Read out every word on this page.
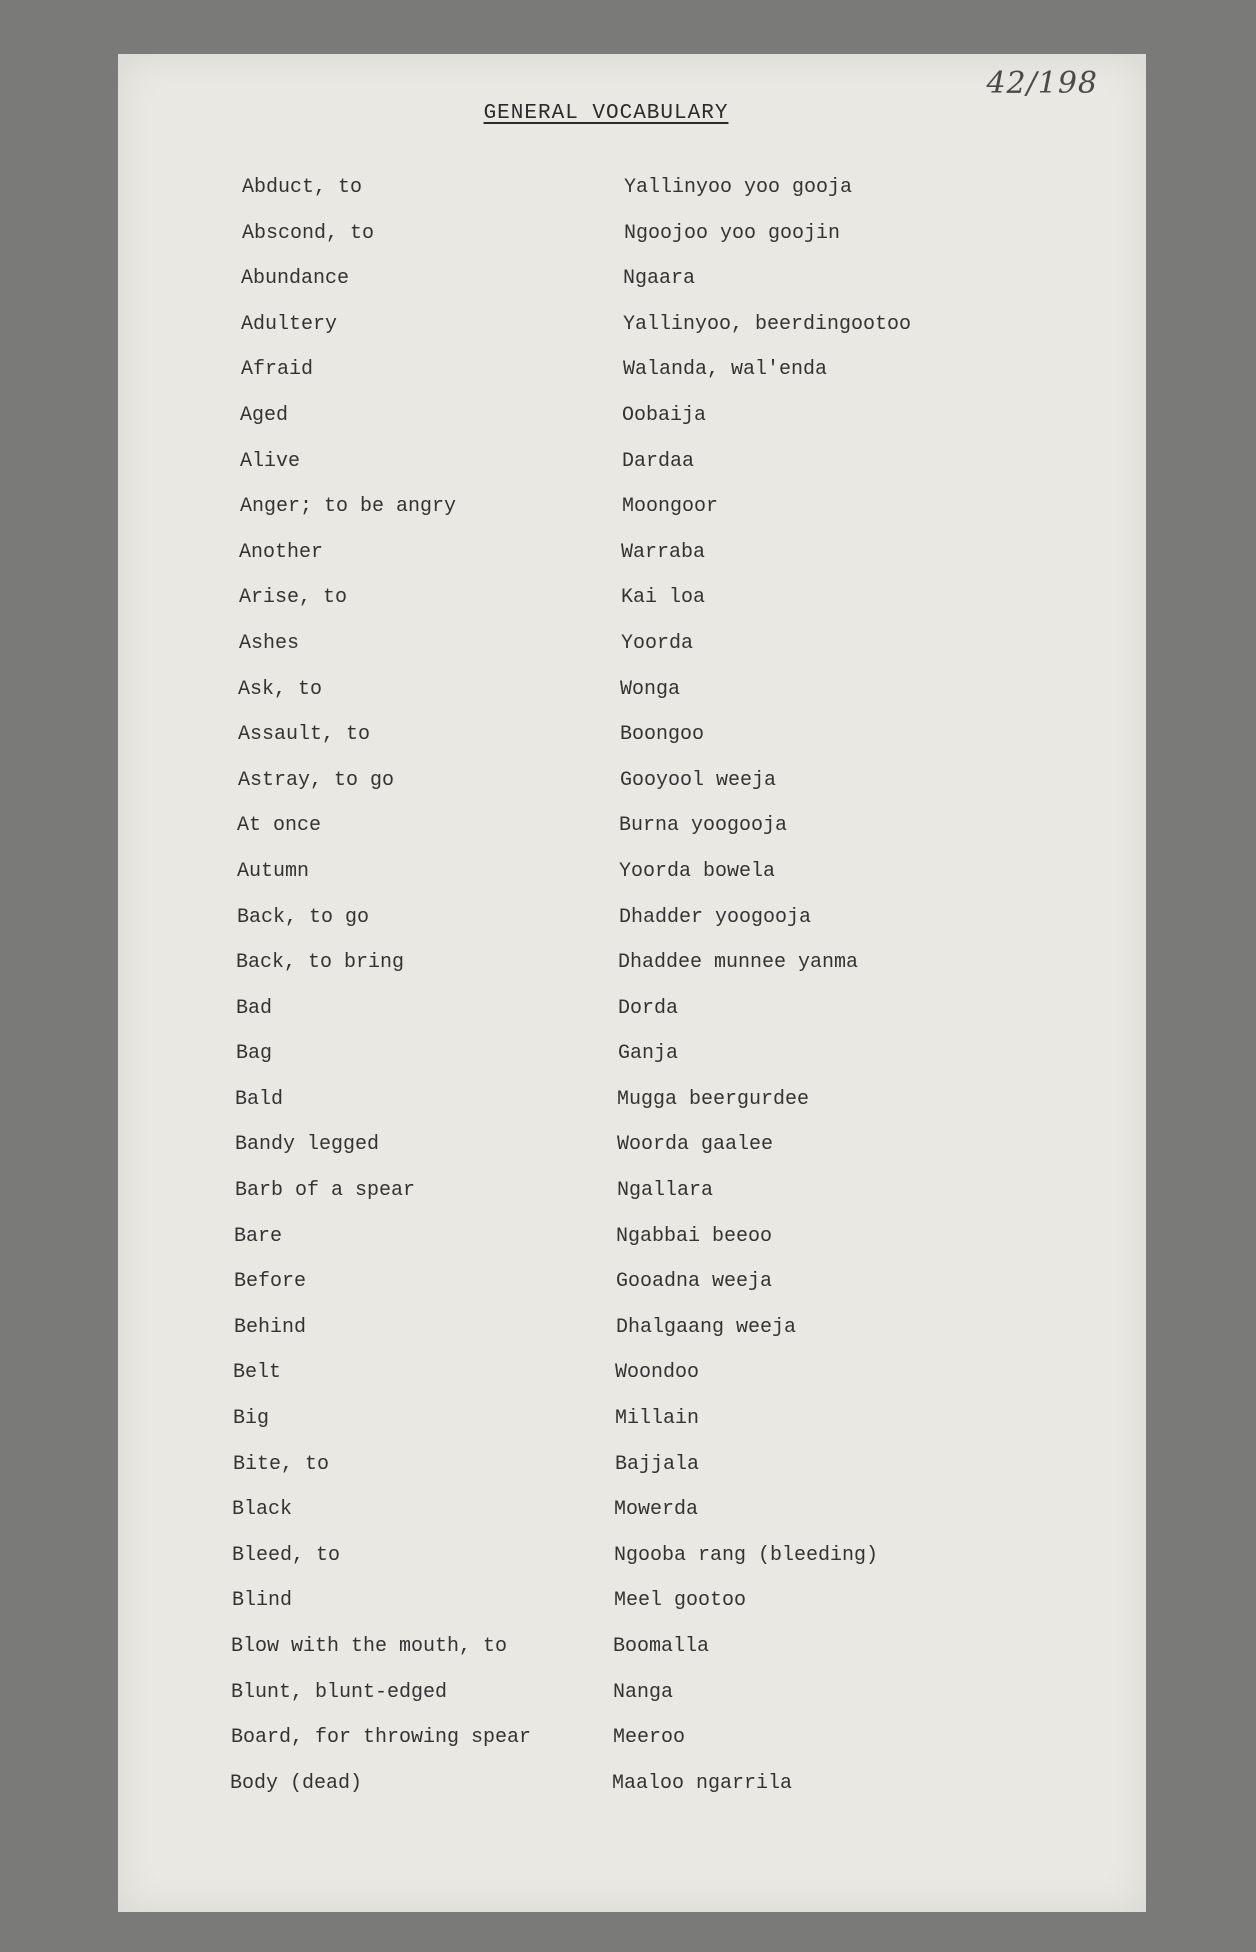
42/198
GENERAL VOCABULARY
Abduct, to	Yallinyoo yoo gooja
Abscond, to	Ngoojoo yoo goojin
Abundance	Ngaara
Adultery	Yallinyoo, beerdingootoo
Afraid	Walanda, wal'enda
Aged	Oobaija
Alive	Dardaa
Anger; to be angry	Moongoor
Another	Warraba
Arise, to	Kai loa
Ashes	Yoorda
Ask, to	Wonga
Assault, to	Boongoo
Astray, to go	Gooyool weeja
At once	Burna yoogooja
Autumn	Yoorda bowela
Back, to go	Dhadder yoogooja
Back, to bring	Dhaddee munnee yanma
Bad	Dorda
Bag	Ganja
Bald	Mugga beergurdee
Bandy legged	Woorda gaalee
Barb of a spear	Ngallara
Bare	Ngabbai beeoo
Before	Gooadna weeja
Behind	Dhalgaang weeja
Belt	Woondoo
Big	Millain
Bite, to	Bajjala
Black	Mowerda
Bleed, to	Ngooba rang (bleeding)
Blind	Meel gootoo
Blow with the mouth, to	Boomalla
Blunt, blunt-edged	Nanga
Board, for throwing spear	Meeroo
Body (dead)	Maaloo ngarrila
